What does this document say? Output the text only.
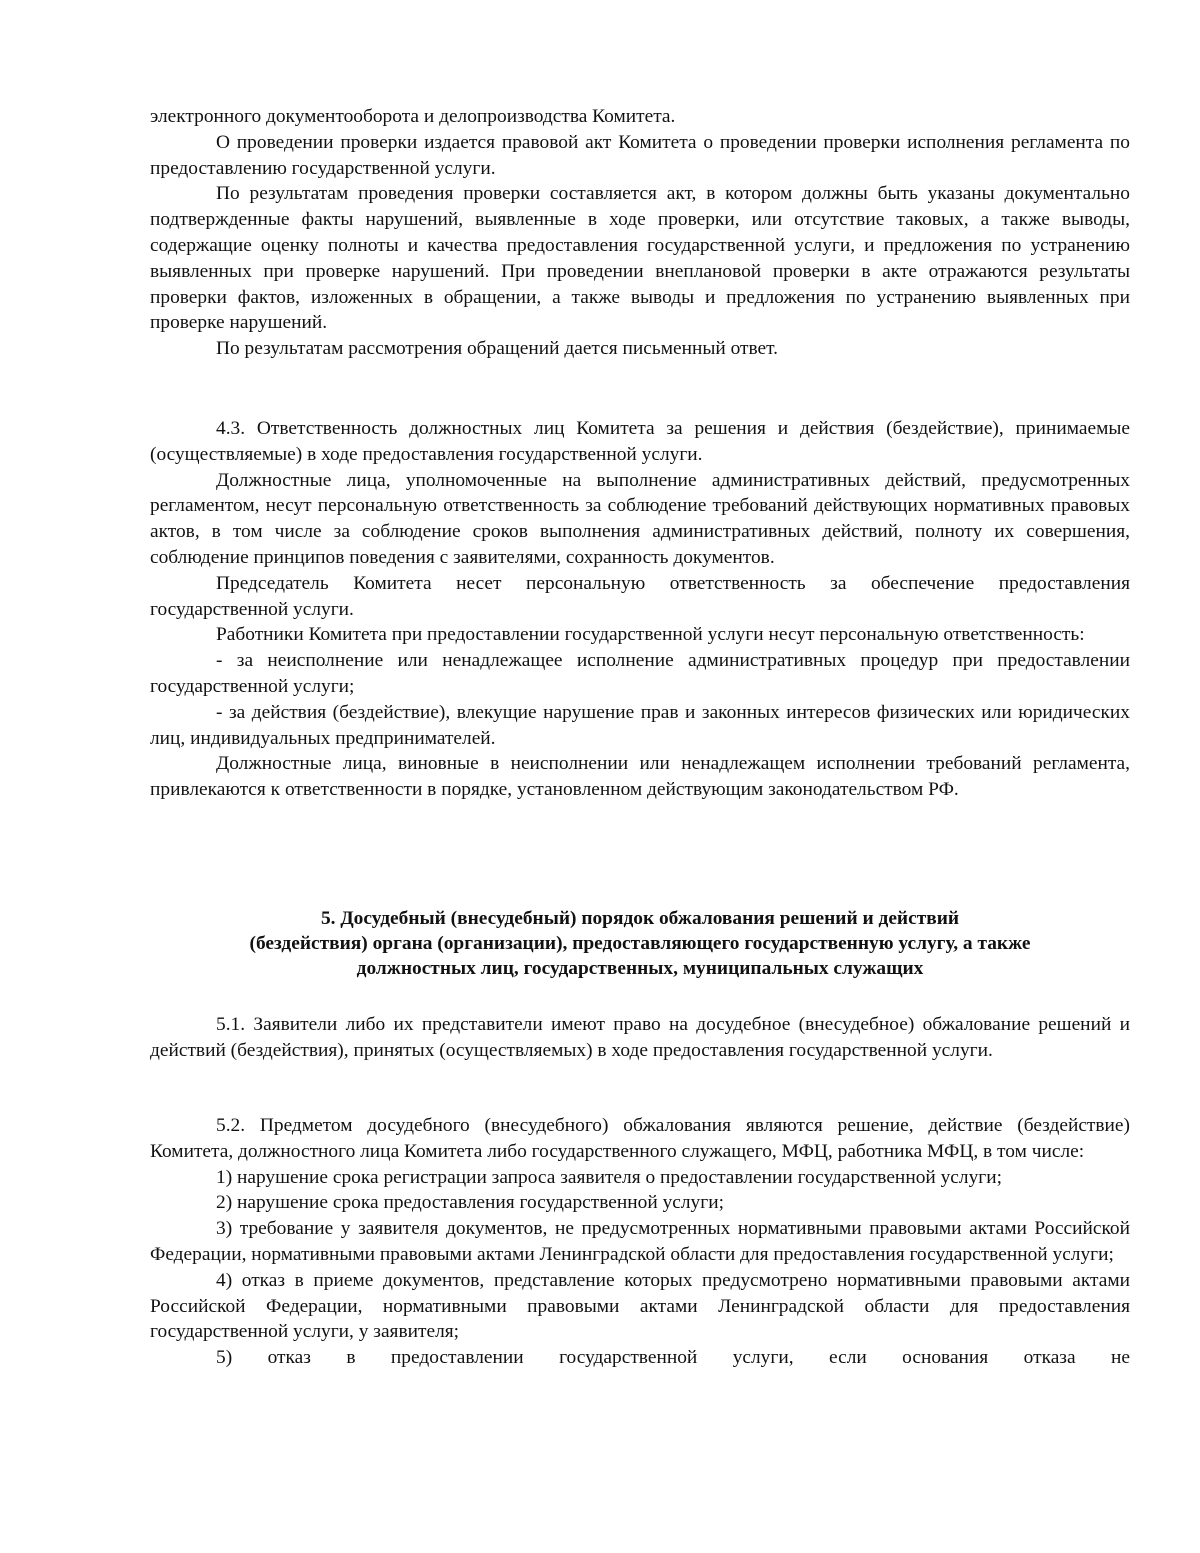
электронного документооборота и делопроизводства Комитета.

О проведении проверки издается правовой акт Комитета о проведении проверки исполнения регламента по предоставлению государственной услуги.

По результатам проведения проверки составляется акт, в котором должны быть указаны документально подтвержденные факты нарушений, выявленные в ходе проверки, или отсутствие таковых, а также выводы, содержащие оценку полноты и качества предоставления государственной услуги, и предложения по устранению выявленных при проверке нарушений. При проведении внеплановой проверки в акте отражаются результаты проверки фактов, изложенных в обращении, а также выводы и предложения по устранению выявленных при проверке нарушений.

По результатам рассмотрения обращений дается письменный ответ.

4.3. Ответственность должностных лиц Комитета за решения и действия (бездействие), принимаемые (осуществляемые) в ходе предоставления государственной услуги.

Должностные лица, уполномоченные на выполнение административных действий, предусмотренных регламентом, несут персональную ответственность за соблюдение требований действующих нормативных правовых актов, в том числе за соблюдение сроков выполнения административных действий, полноту их совершения, соблюдение принципов поведения с заявителями, сохранность документов.

Председатель Комитета несет персональную ответственность за обеспечение предоставления государственной услуги.

Работники Комитета при предоставлении государственной услуги несут персональную ответственность:

- за неисполнение или ненадлежащее исполнение административных процедур при предоставлении государственной услуги;

- за действия (бездействие), влекущие нарушение прав и законных интересов физических или юридических лиц, индивидуальных предпринимателей.

Должностные лица, виновные в неисполнении или ненадлежащем исполнении требований регламента, привлекаются к ответственности в порядке, установленном действующим законодательством РФ.

5. Досудебный (внесудебный) порядок обжалования решений и действий
(бездействия) органа (организации), предоставляющего государственную услугу, а также
должностных лиц, государственных, муниципальных служащих

5.1. Заявители либо их представители имеют право на досудебное (внесудебное) обжалование решений и действий (бездействия), принятых (осуществляемых) в ходе предоставления государственной услуги.

5.2. Предметом досудебного (внесудебного) обжалования являются решение, действие (бездействие) Комитета, должностного лица Комитета либо государственного служащего, МФЦ, работника МФЦ, в том числе:

1) нарушение срока регистрации запроса заявителя о предоставлении государственной услуги;

2) нарушение срока предоставления государственной услуги;

3) требование у заявителя документов, не предусмотренных нормативными правовыми актами Российской Федерации, нормативными правовыми актами Ленинградской области для предоставления государственной услуги;

4) отказ в приеме документов, представление которых предусмотрено нормативными правовыми актами Российской Федерации, нормативными правовыми актами Ленинградской области для предоставления государственной услуги, у заявителя;

5) отказ в предоставлении государственной услуги, если основания отказа не
